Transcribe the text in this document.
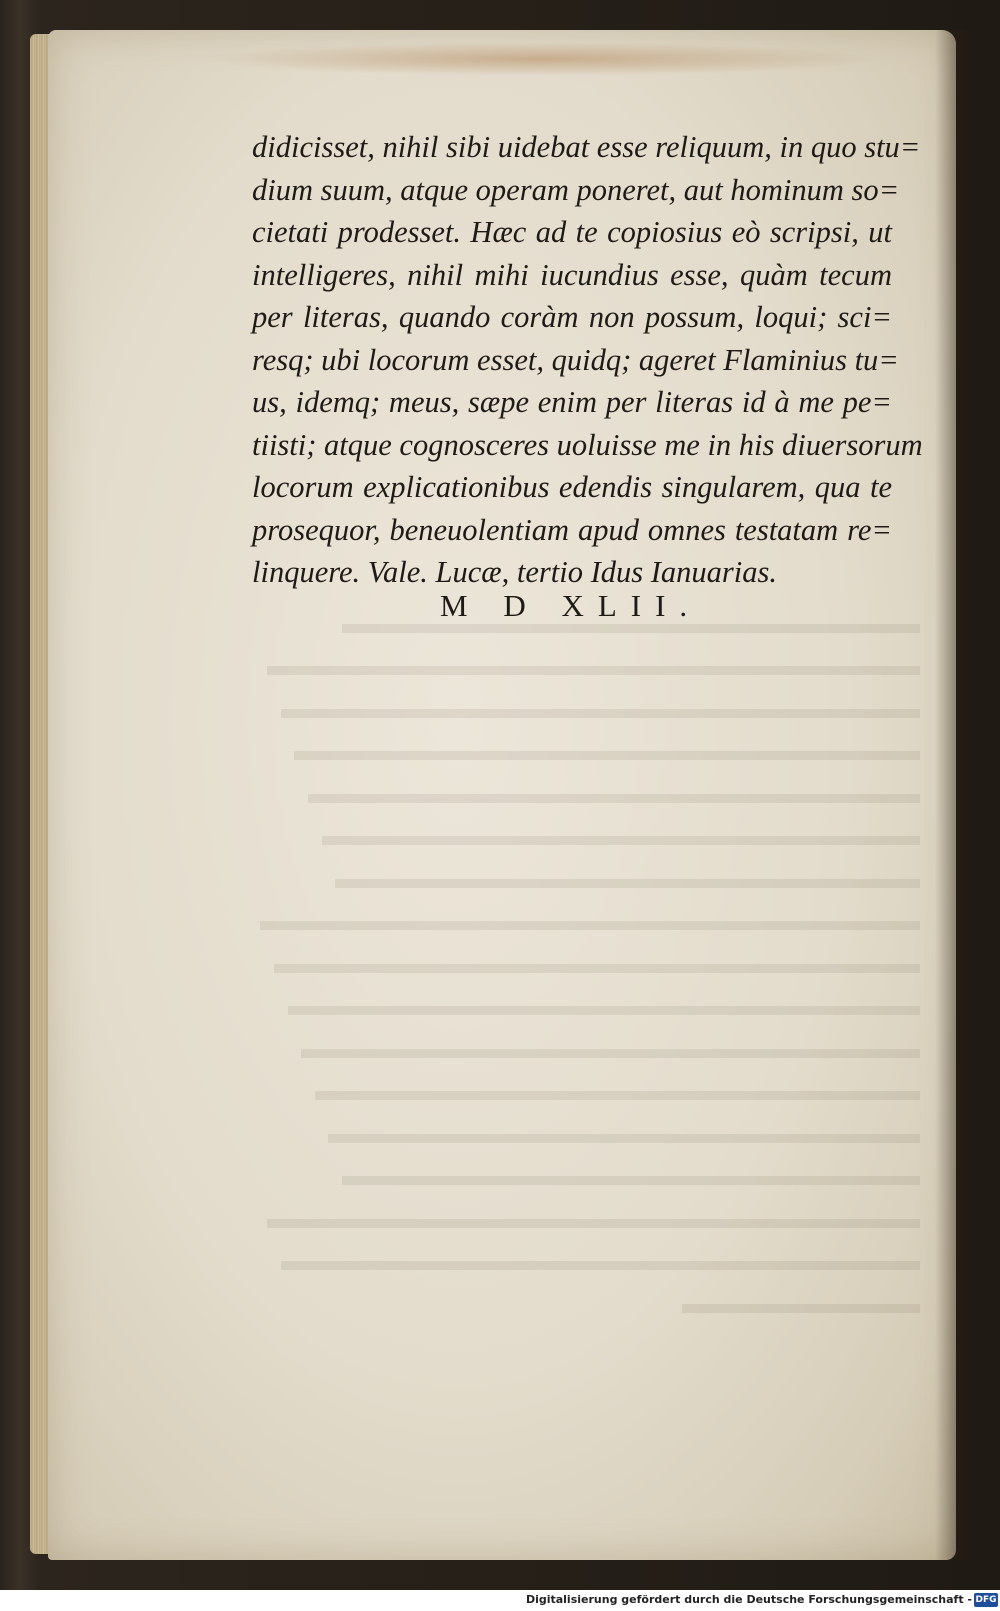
didicisset, nihil sibi uidebat esse reliquum, in quo stu=
dium suum, atque operam poneret, aut hominum so=
cietati prodesset. Hæc ad te copiosius eò scripsi, ut
intelligeres, nihil mihi iucundius esse, quàm tecum
per literas, quando coràm non possum, loqui; sci=
resq; ubi locorum esset, quidq; ageret Flaminius tu=
us, idemq; meus, sæpe enim per literas id à me pe=
tiisti; atque cognosceres uoluisse me in his diuersorum
locorum explicationibus edendis singularem, qua te
prosequor, beneuolentiam apud omnes testatam re=
linquere. Vale. Lucæ, tertio Idus Ianuarias.
M D XLII.
Digitalisierung gefördert durch die Deutsche Forschungsgemeinschaft - DFG
